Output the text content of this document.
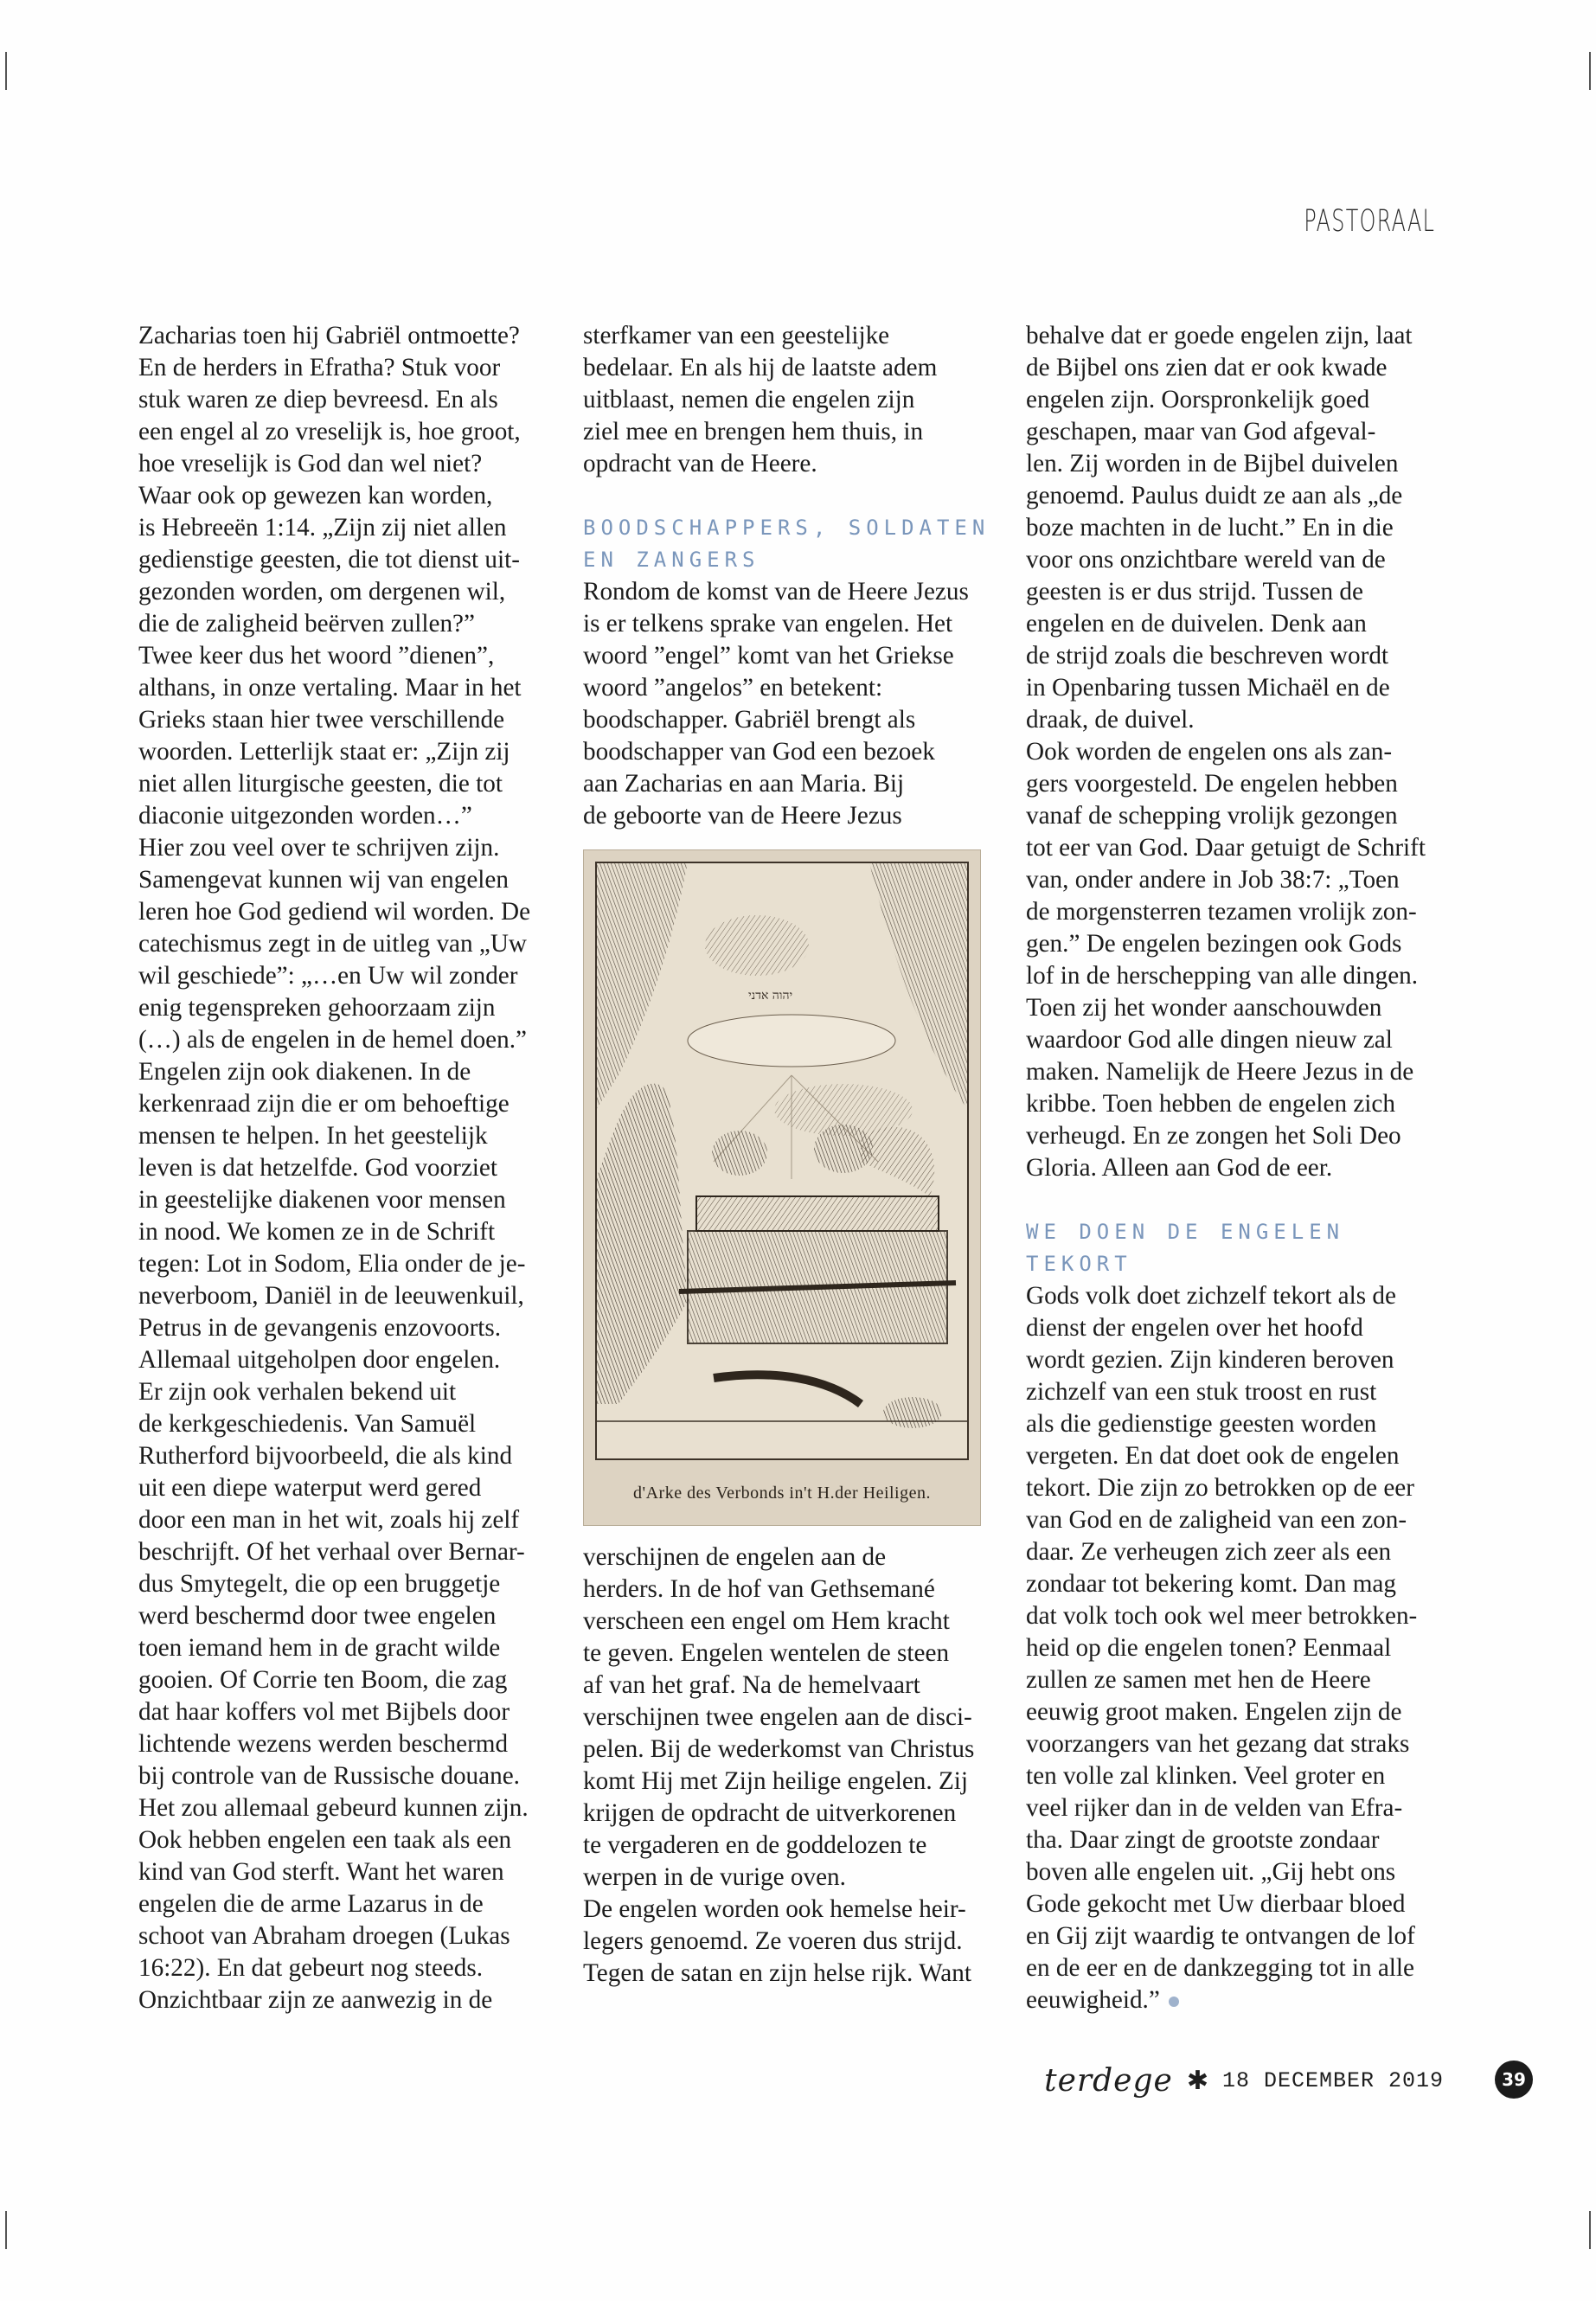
PASTORAAL

Zacharias toen hij Gabriël ontmoette?

En de herders in Efratha? Stuk voor

stuk waren ze diep bevreesd. En als

een engel al zo vreselijk is, hoe groot,

hoe vreselijk is God dan wel niet?

Waar ook op gewezen kan worden,

is Hebreeën 1:14. „Zijn zij niet allen

gedienstige geesten, die tot dienst uit-

gezonden worden, om dergenen wil,

die de zaligheid beërven zullen?”

Twee keer dus het woord ”dienen”,

althans, in onze vertaling. Maar in het

Grieks staan hier twee verschillende

woorden. Letterlijk staat er: „Zijn zij

niet allen liturgische geesten, die tot

diaconie uitgezonden worden…”

Hier zou veel over te schrijven zijn.

Samengevat kunnen wij van engelen

leren hoe God gediend wil worden. De

catechismus zegt in de uitleg van „Uw

wil geschiede”: „…en Uw wil zonder

enig tegenspreken gehoorzaam zijn

(…) als de engelen in de hemel doen.”

Engelen zijn ook diakenen. In de

kerkenraad zijn die er om behoeftige

mensen te helpen. In het geestelijk

leven is dat hetzelfde. God voorziet

in geestelijke diakenen voor mensen

in nood. We komen ze in de Schrift

tegen: Lot in Sodom, Elia onder de je-

neverboom, Daniël in de leeuwenkuil,

Petrus in de gevangenis enzovoorts.

Allemaal uitgeholpen door engelen.

Er zijn ook verhalen bekend uit

de kerkgeschiedenis. Van Samuël

Rutherford bijvoorbeeld, die als kind

uit een diepe waterput werd gered

door een man in het wit, zoals hij zelf

beschrijft. Of het verhaal over Bernar-

dus Smytegelt, die op een bruggetje

werd beschermd door twee engelen

toen iemand hem in de gracht wilde

gooien. Of Corrie ten Boom, die zag

dat haar koffers vol met Bijbels door

lichtende wezens werden beschermd

bij controle van de Russische douane.

Het zou allemaal gebeurd kunnen zijn.

Ook hebben engelen een taak als een

kind van God sterft. Want het waren

engelen die de arme Lazarus in de

schoot van Abraham droegen (Lukas

16:22). En dat gebeurt nog steeds.

Onzichtbaar zijn ze aanwezig in de

sterfkamer van een geestelijke

bedelaar. En als hij de laatste adem

uitblaast, nemen die engelen zijn

ziel mee en brengen hem thuis, in

opdracht van de Heere.

BOODSCHAPPERS, SOLDATEN

EN ZANGERS

Rondom de komst van de Heere Jezus

is er telkens sprake van engelen. Het

woord ”engel” komt van het Griekse

woord ”angelos” en betekent:

boodschapper. Gabriël brengt als

boodschapper van God een bezoek

aan Zacharias en aan Maria. Bij

de geboorte van de Heere Jezus

יהוה אדני
d'Arke des Verbonds in't H.der Heiligen.

verschijnen de engelen aan de

herders. In de hof van Gethsemané

verscheen een engel om Hem kracht

te geven. Engelen wentelen de steen

af van het graf. Na de hemelvaart

verschijnen twee engelen aan de disci-

pelen. Bij de wederkomst van Christus

komt Hij met Zijn heilige engelen. Zij

krijgen de opdracht de uitverkorenen

te vergaderen en de goddelozen te

werpen in de vurige oven.

De engelen worden ook hemelse heir-

legers genoemd. Ze voeren dus strijd.

Tegen de satan en zijn helse rijk. Want

behalve dat er goede engelen zijn, laat

de Bijbel ons zien dat er ook kwade

engelen zijn. Oorspronkelijk goed

geschapen, maar van God afgeval-

len. Zij worden in de Bijbel duivelen

genoemd. Paulus duidt ze aan als „de

boze machten in de lucht.” En in die

voor ons onzichtbare wereld van de

geesten is er dus strijd. Tussen de

engelen en de duivelen. Denk aan

de strijd zoals die beschreven wordt

in Openbaring tussen Michaël en de

draak, de duivel.

Ook worden de engelen ons als zan-

gers voorgesteld. De engelen hebben

vanaf de schepping vrolijk gezongen

tot eer van God. Daar getuigt de Schrift

van, onder andere in Job 38:7: „Toen

de morgensterren tezamen vrolijk zon-

gen.” De engelen bezingen ook Gods

lof in de herschepping van alle dingen.

Toen zij het wonder aanschouwden

waardoor God alle dingen nieuw zal

maken. Namelijk de Heere Jezus in de

kribbe. Toen hebben de engelen zich

verheugd. En ze zongen het Soli Deo

Gloria. Alleen aan God de eer.

WE DOEN DE ENGELEN

TEKORT

Gods volk doet zichzelf tekort als de

dienst der engelen over het hoofd

wordt gezien. Zijn kinderen beroven

zichzelf van een stuk troost en rust

als die gedienstige geesten worden

vergeten. En dat doet ook de engelen

tekort. Die zijn zo betrokken op de eer

van God en de zaligheid van een zon-

daar. Ze verheugen zich zeer als een

zondaar tot bekering komt. Dan mag

dat volk toch ook wel meer betrokken-

heid op die engelen tonen? Eenmaal

zullen ze samen met hen de Heere

eeuwig groot maken. Engelen zijn de

voorzangers van het gezang dat straks

ten volle zal klinken. Veel groter en

veel rijker dan in de velden van Efra-

tha. Daar zingt de grootste zondaar

boven alle engelen uit. „Gij hebt ons

Gode gekocht met Uw dierbaar bloed

en Gij zijt waardig te ontvangen de lof

en de eer en de dankzegging tot in alle

eeuwigheid.”

terdege ✱ 18 DECEMBER 2019	39
